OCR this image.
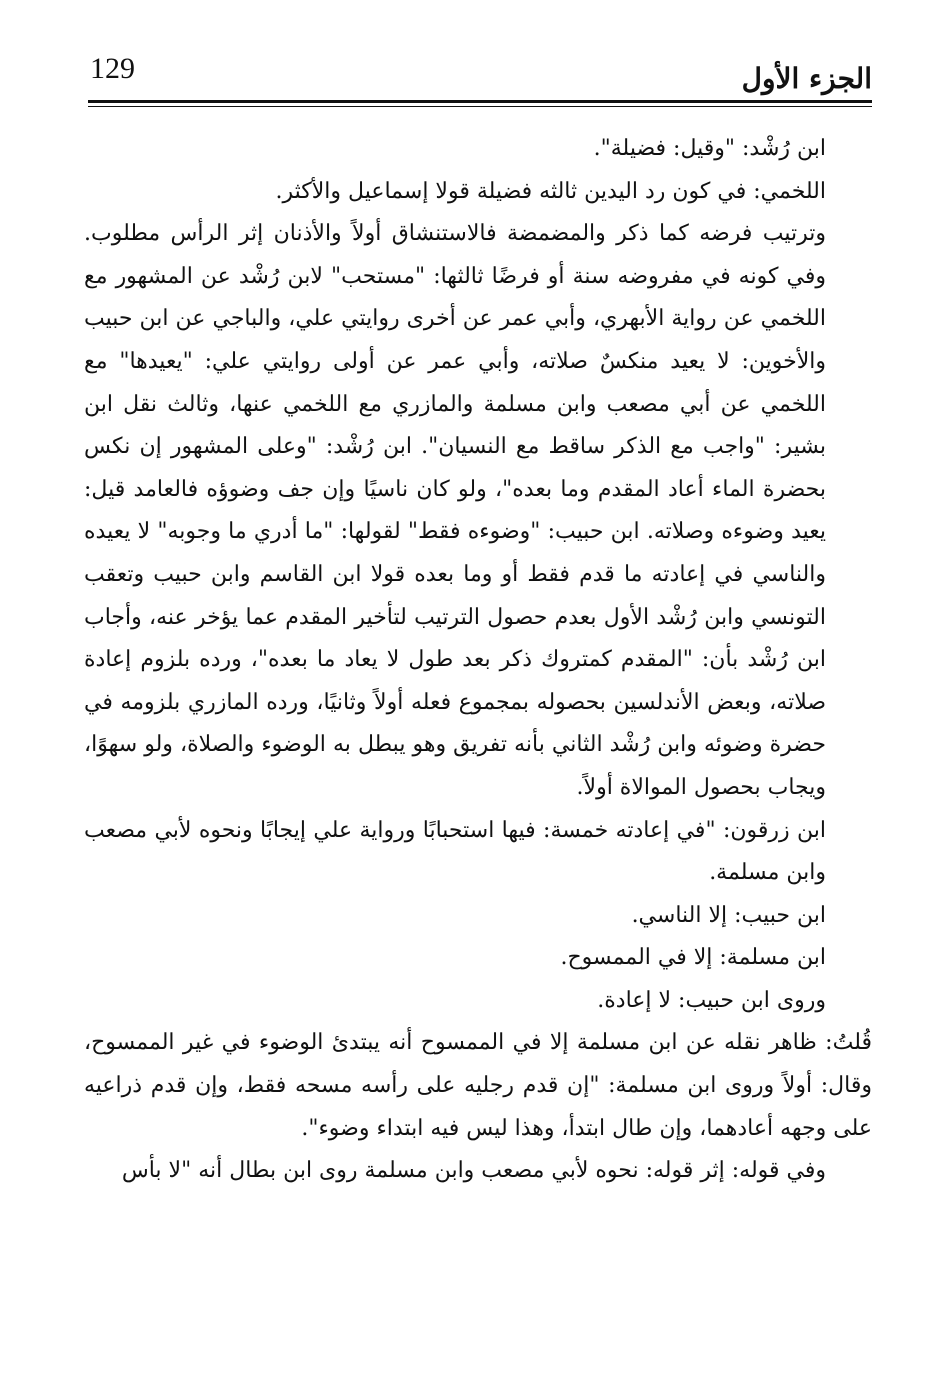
129	الجزء الأول

ابن رُشْد: "وقيل: فضيلة".

اللخمي: في كون رد اليدين ثالثه فضيلة قولا إسماعيل والأكثر.

وترتيب فرضه كما ذكر والمضمضة فالاستنشاق أولاً والأذنان إثر الرأس مطلوب. وفي كونه في مفروضه سنة أو فرضًا ثالثها: "مستحب" لابن رُشْد عن المشهور مع اللخمي عن رواية الأبهري، وأبي عمر عن أخرى روايتي علي، والباجي عن ابن حبيب والأخوين: لا يعيد منكسٌ صلاته، وأبي عمر عن أولى روايتي علي: "يعيدها" مع اللخمي عن أبي مصعب وابن مسلمة والمازري مع اللخمي عنها، وثالث نقل ابن بشير: "واجب مع الذكر ساقط مع النسيان". ابن رُشْد: "وعلى المشهور إن نكس بحضرة الماء أعاد المقدم وما بعده"، ولو كان ناسيًا وإن جف وضوؤه فالعامد قيل: يعيد وضوءه وصلاته. ابن حبيب: "وضوءه فقط" لقولها: "ما أدري ما وجوبه" لا يعيده والناسي في إعادته ما قدم فقط أو وما بعده قولا ابن القاسم وابن حبيب وتعقب التونسي وابن رُشْد الأول بعدم حصول الترتيب لتأخير المقدم عما يؤخر عنه، وأجاب ابن رُشْد بأن: "المقدم كمتروك ذكر بعد طول لا يعاد ما بعده"، ورده بلزوم إعادة صلاته، وبعض الأندلسين بحصوله بمجموع فعله أولاً وثانيًا، ورده المازري بلزومه في حضرة وضوئه وابن رُشْد الثاني بأنه تفريق وهو يبطل به الوضوء والصلاة، ولو سهوًا، ويجاب بحصول الموالاة أولاً.

ابن زرقون: "في إعادته خمسة: فيها استحبابًا ورواية علي إيجابًا ونحوه لأبي مصعب وابن مسلمة.

ابن حبيب: إلا الناسي.

ابن مسلمة: إلا في الممسوح.

وروى ابن حبيب: لا إعادة.

قُلتُ: ظاهر نقله عن ابن مسلمة إلا في الممسوح أنه يبتدئ الوضوء في غير الممسوح، وقال: أولاً وروى ابن مسلمة: "إن قدم رجليه على رأسه مسحه فقط، وإن قدم ذراعيه على وجهه أعادهما، وإن طال ابتدأ، وهذا ليس فيه ابتداء وضوء".

وفي قوله: إثر قوله: نحوه لأبي مصعب وابن مسلمة روى ابن بطال أنه "لا بأس
